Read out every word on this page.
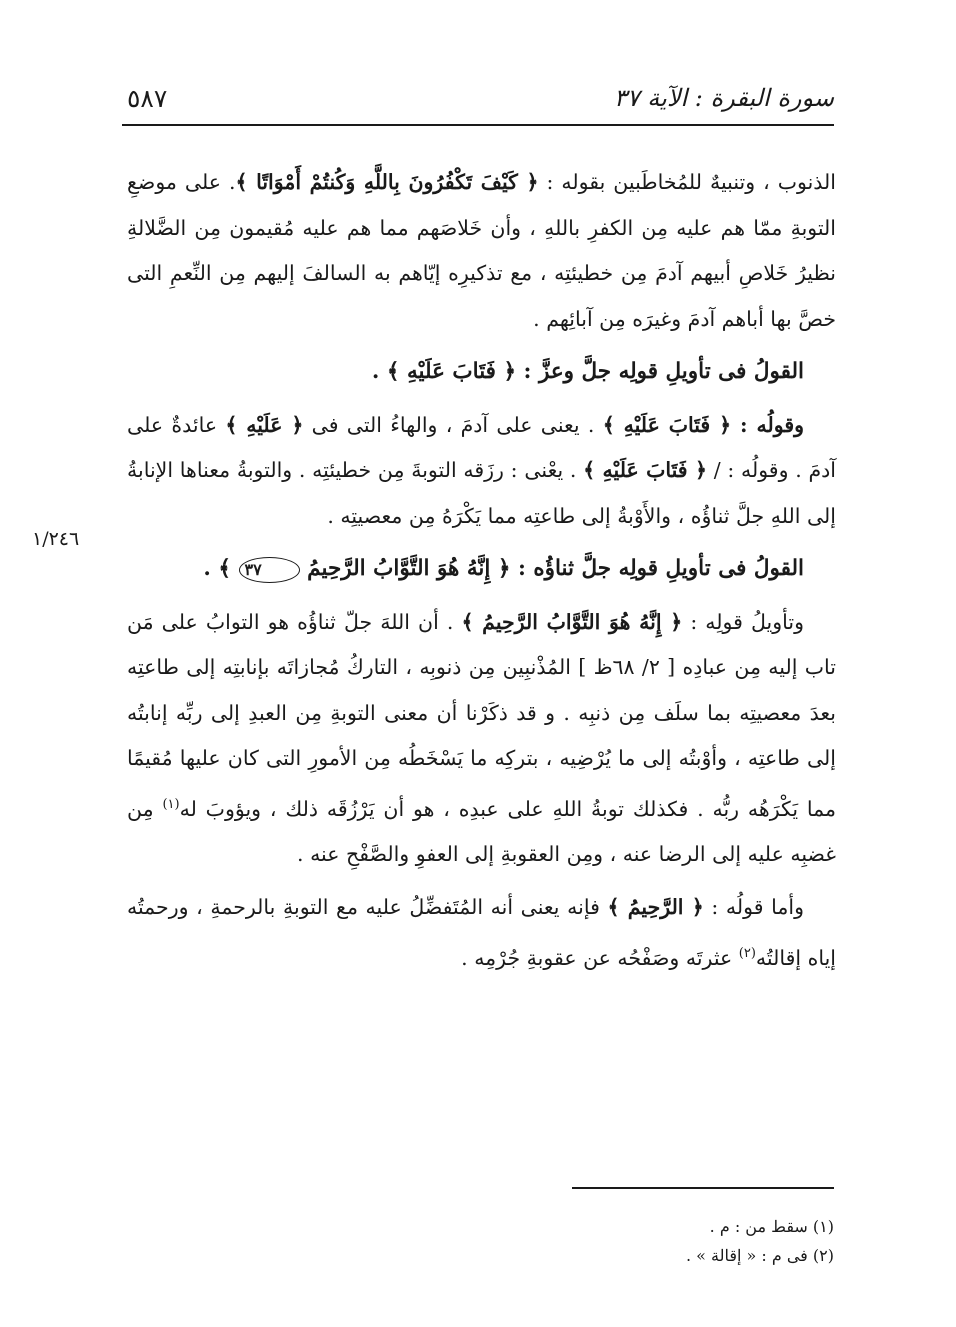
٥٨٧	سورة البقرة : الآية ٣٧
١/٢٤٦

الذنوب ، وتنبيهٌ للمُخاطَبين بقوله : ﴿ كَيْفَ تَكْفُرُونَ بِاللَّهِ وَكُنتُمْ أَمْوَاتًا ﴾. على موضعِ التوبةِ ممّا هم عليه مِن الكفرِ باللهِ ، وأن خَلاصَهم مما هم عليه مُقيمون مِن الضَّلالةِ نظيرُ خَلاصِ أبيهم آدمَ مِن خطيئتِه ، مع تذكيرِه إيّاهم به السالفَ إليهم مِن النِّعمِ التى خصَّ بها أباهم آدمَ وغيرَه مِن آبائِهم .

القولُ فى تأويلِ قولِه جلَّ وعزَّ : ﴿ فَتَابَ عَلَيْهِ ﴾ .

وقولُه : ﴿ فَتَابَ عَلَيْهِ ﴾ . يعنى على آدمَ ، والهاءُ التى فى ﴿ عَلَيْهِ ﴾ عائدةٌ على آدمَ . وقولُه : / ﴿ فَتَابَ عَلَيْهِ ﴾ . يعْنى : رزَقه التوبةَ مِن خطيئتِه . والتوبةُ معناها الإنابةُ إلى اللهِ جلَّ ثناؤُه ، والأَوْبةُ إلى طاعتِه مما يَكْرَهُ مِن معصيتِه .

القولُ فى تأويلِ قولِه جلَّ ثناؤُه : ﴿ إِنَّهُ هُوَ التَّوَّابُ الرَّحِيمُ ٣٧ ﴾ .

وتأويلُ قولِه : ﴿ إِنَّهُ هُوَ التَّوَّابُ الرَّحِيمُ ﴾ . أن اللهَ جلّ ثناؤُه هو التوابُ على مَن تاب إليه مِن عبادِه [ ٢/ ٦٨ظ ] المُذْنبِين مِن ذنوبِه ، التاركُ مُجازاتَه بإنابتِه إلى طاعتِه بعدَ معصيتِه بما سلَف مِن ذنبِه . و قد ذكَرْنا أن معنى التوبةِ مِن العبدِ إلى ربِّه إنابتُه إلى طاعتِه ، وأوْبتُه إلى ما يُرْضِيه ، بتركِه ما يَسْخَطُه مِن الأمورِ التى كان عليها مُقيمًا مما يَكْرَهُه ربُّه . فكذلك توبةُ اللهِ على عبدِه ، هو أن يَرْزُقَه ذلك ، ويؤوبَ له$^{(١)}$ مِن غضبِه عليه إلى الرضا عنه ، ومِن العقوبةِ إلى العفوِ والصَّفْحِ عنه .

وأما قولُه : ﴿ الرَّحِيمُ ﴾ فإنه يعنى أنه المُتَفضِّلُ عليه مع التوبةِ بالرحمةِ ، ورحمتُه إياه إقالتُه$^{(٢)}$ عثرتَه وصَفْحُه عن عقوبةِ جُرْمِه .

(١) سقط من : م .

(٢) فى م : « إقالة » .
